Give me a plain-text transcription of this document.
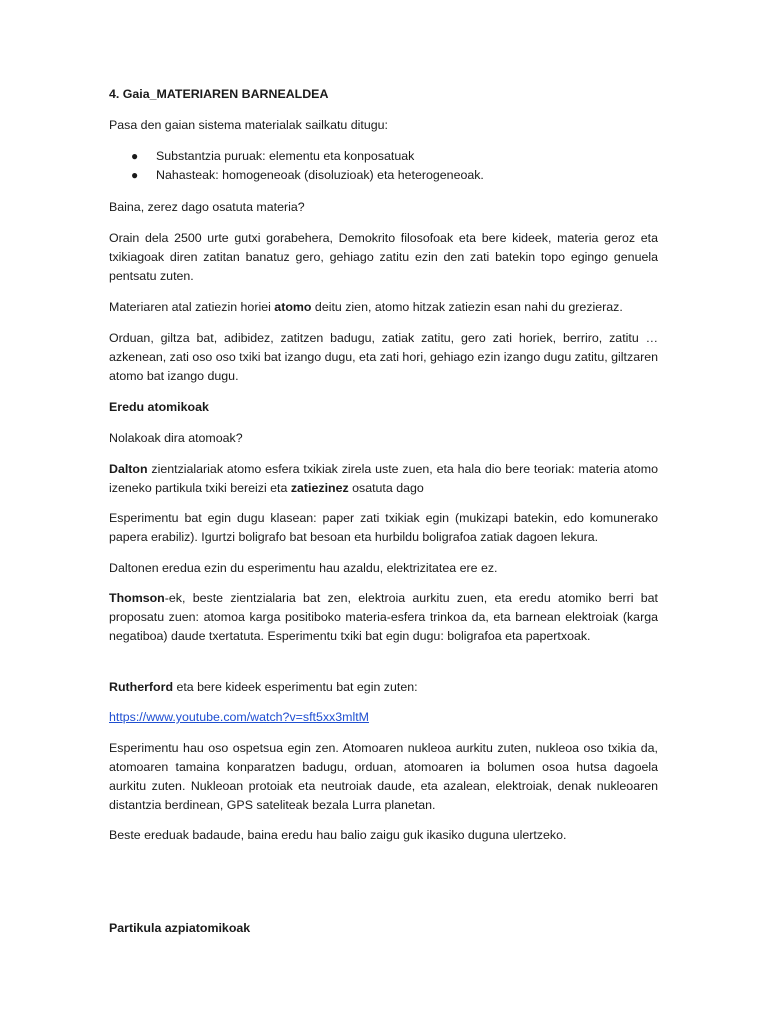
4. Gaia_MATERIAREN BARNEALDEA

Pasa den gaian sistema materialak sailkatu ditugu:

● Substantzia puruak: elementu eta konposatuak
● Nahasteak: homogeneoak (disoluzioak) eta heterogeneoak.

Baina, zerez dago osatuta materia?

Orain dela 2500 urte gutxi gorabehera, Demokrito filosofoak eta bere kideek, materia geroz eta txikiagoak diren zatitan banatuz gero, gehiago zatitu ezin den zati batekin topo egingo genuela pentsatu zuten.

Materiaren atal zatiezin horiei atomo deitu zien, atomo hitzak zatiezin esan nahi du grezieraz.

Orduan, giltza bat, adibidez, zatitzen badugu, zatiak zatitu, gero zati horiek, berriro, zatitu … azkenean, zati oso oso txiki bat izango dugu, eta zati hori, gehiago ezin izango dugu zatitu, giltzaren atomo bat izango dugu.

Eredu atomikoak

Nolakoak dira atomoak?

Dalton zientzialariak atomo esfera txikiak zirela uste zuen, eta hala dio bere teoriak: materia atomo izeneko partikula txiki bereizi eta zatiezinez osatuta dago

Esperimentu bat egin dugu klasean: paper zati txikiak egin (mukizapi batekin, edo komunerako papera erabiliz). Igurtzi boligrafo bat besoan eta hurbildu boligrafoa zatiak dagoen lekura.

Daltonen eredua ezin du esperimentu hau azaldu, elektrizitatea ere ez.

Thomson-ek, beste zientzialaria bat zen, elektroia aurkitu zuen, eta eredu atomiko berri bat proposatu zuen: atomoa karga positiboko materia-esfera trinkoa da, eta barnean elektroiak (karga negatiboa) daude txertatuta. Esperimentu txiki bat egin dugu: boligrafoa eta papertxoak.

Rutherford eta bere kideek esperimentu bat egin zuten:

https://www.youtube.com/watch?v=sft5xx3mltM

Esperimentu hau oso ospetsua egin zen. Atomoaren nukleoa aurkitu zuten, nukleoa oso txikia da, atomoaren tamaina konparatzen badugu, orduan, atomoaren ia bolumen osoa hutsa dagoela aurkitu zuten. Nukleoan protoiak eta neutroiak daude, eta azalean, elektroiak, denak nukleoaren distantzia berdinean, GPS sateliteak bezala Lurra planetan.

Beste ereduak badaude, baina eredu hau balio zaigu guk ikasiko duguna ulertzeko.

Partikula azpiatomikoak
